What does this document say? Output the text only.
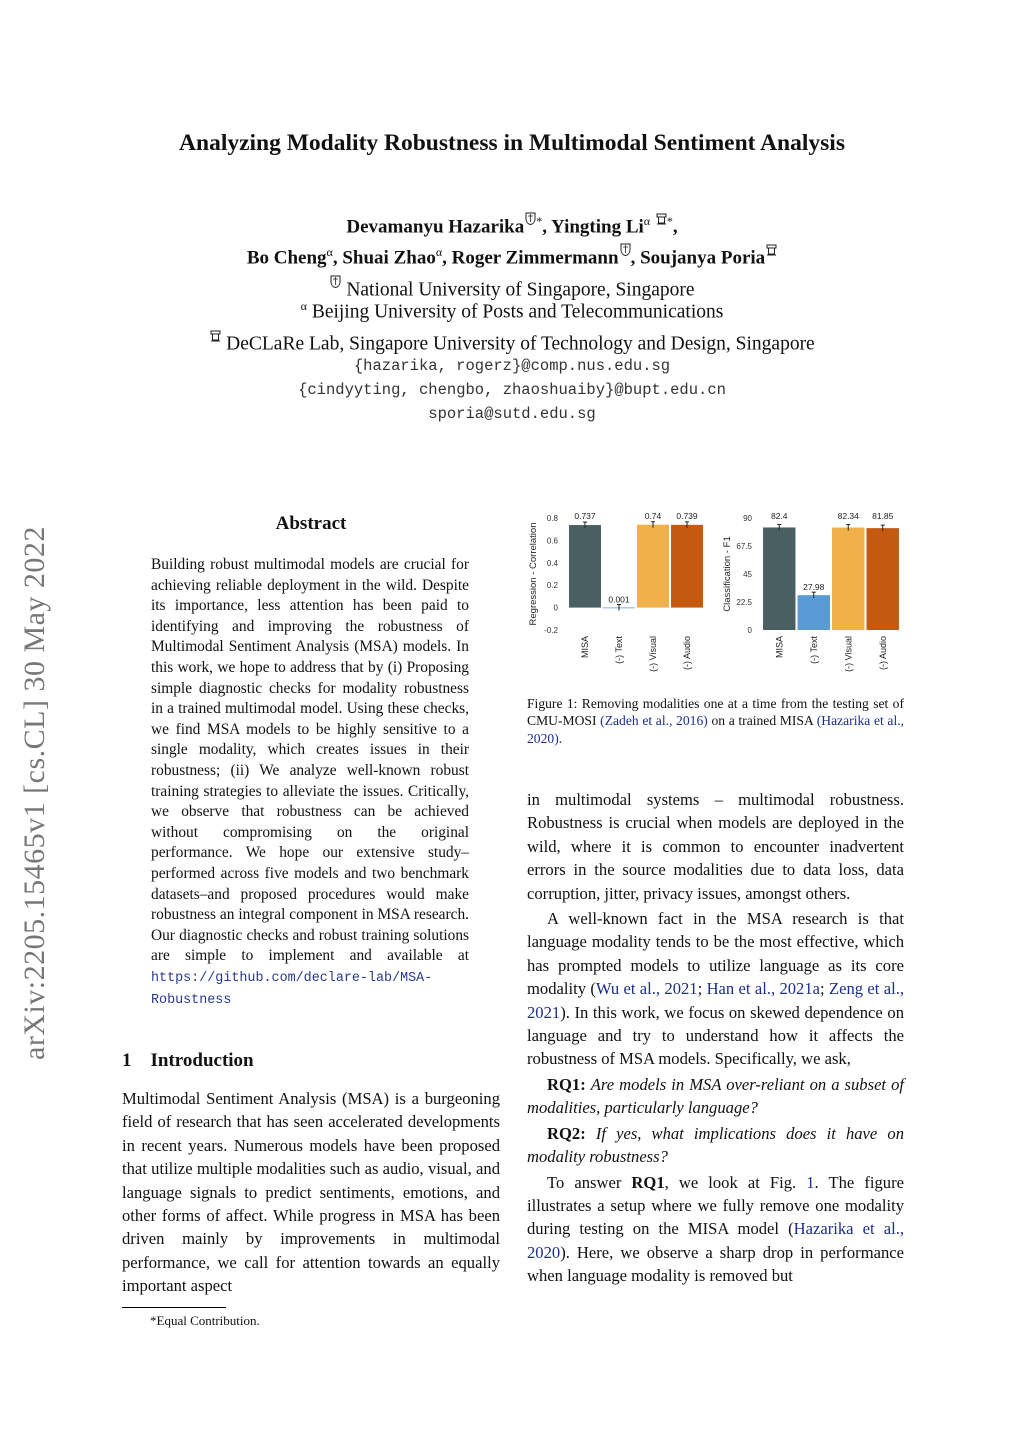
Analyzing Modality Robustness in Multimodal Sentiment Analysis
Devamanyu Hazarika *, Yingting $Li^\alpha$ *,
Bo Cheng$^\alpha$, Shuai Zhao$^\alpha$, Roger Zimmermann , Soujanya Poria
National University of Singapore, Singapore
$^\alpha$ Beijing University of Posts and Telecommunications
DeCLaRe Lab, Singapore University of Technology and Design, Singapore
{hazarika, rogerz}@comp.nus.edu.sg
{cindyyting, chengbo, zhaoshuaiby}@bupt.edu.cn
sporia@sutd.edu.sg
arXiv:2205.15465v1 [cs.CL] 30 May 2022
Abstract
Building robust multimodal models are crucial for achieving reliable deployment in the wild. Despite its importance, less attention has been paid to identifying and improving the robustness of Multimodal Sentiment Analysis (MSA) models. In this work, we hope to address that by (i) Proposing simple diagnostic checks for modality robustness in a trained multimodal model. Using these checks, we find MSA models to be highly sensitive to a single modality, which creates issues in their robustness; (ii) We analyze well-known robust training strategies to alleviate the issues. Critically, we observe that robustness can be achieved without compromising on the original performance. We hope our extensive study–performed across five models and two benchmark datasets–and proposed procedures would make robustness an integral component in MSA research. Our diagnostic checks and robust training solutions are simple to implement and available at https://github.com/declare-lab/MSA-Robustness
1    Introduction
Multimodal Sentiment Analysis (MSA) is a burgeoning field of research that has seen accelerated developments in recent years. Numerous models have been proposed that utilize multiple modalities such as audio, visual, and language signals to predict sentiments, emotions, and other forms of affect. While progress in MSA has been driven mainly by improvements in multimodal performance, we call for attention towards an equally important aspect
*Equal Contribution.
Regression - Correlation
-0.2
0
0.2
0.4
0.6
0.8 0.737
MISA
0.001
(-) Text
0.74
(-) Visual
0.739
(-) Audio
Classification - F1
0
22.5
45
67.5
90 82.4
MISA
27.98
(-) Text
82.34
(-) Visual
81.85
(-) Audio
Figure 1: Removing modalities one at a time from the testing set of CMU-MOSI (Zadeh et al., 2016) on a trained MISA (Hazarika et al., 2020).

in multimodal systems – multimodal robustness. Robustness is crucial when models are deployed in the wild, where it is common to encounter inadvertent errors in the source modalities due to data loss, data corruption, jitter, privacy issues, amongst others.

A well-known fact in the MSA research is that language modality tends to be the most effective, which has prompted models to utilize language as its core modality (Wu et al., 2021; Han et al., 2021a; Zeng et al., 2021). In this work, we focus on skewed dependence on language and try to understand how it affects the robustness of MSA models. Specifically, we ask,

RQ1: Are models in MSA over-reliant on a subset of modalities, particularly language?

RQ2: If yes, what implications does it have on modality robustness?

To answer RQ1, we look at Fig. 1. The figure illustrates a setup where we fully remove one modality during testing on the MISA model (Hazarika et al., 2020). Here, we observe a sharp drop in performance when language modality is removed but
